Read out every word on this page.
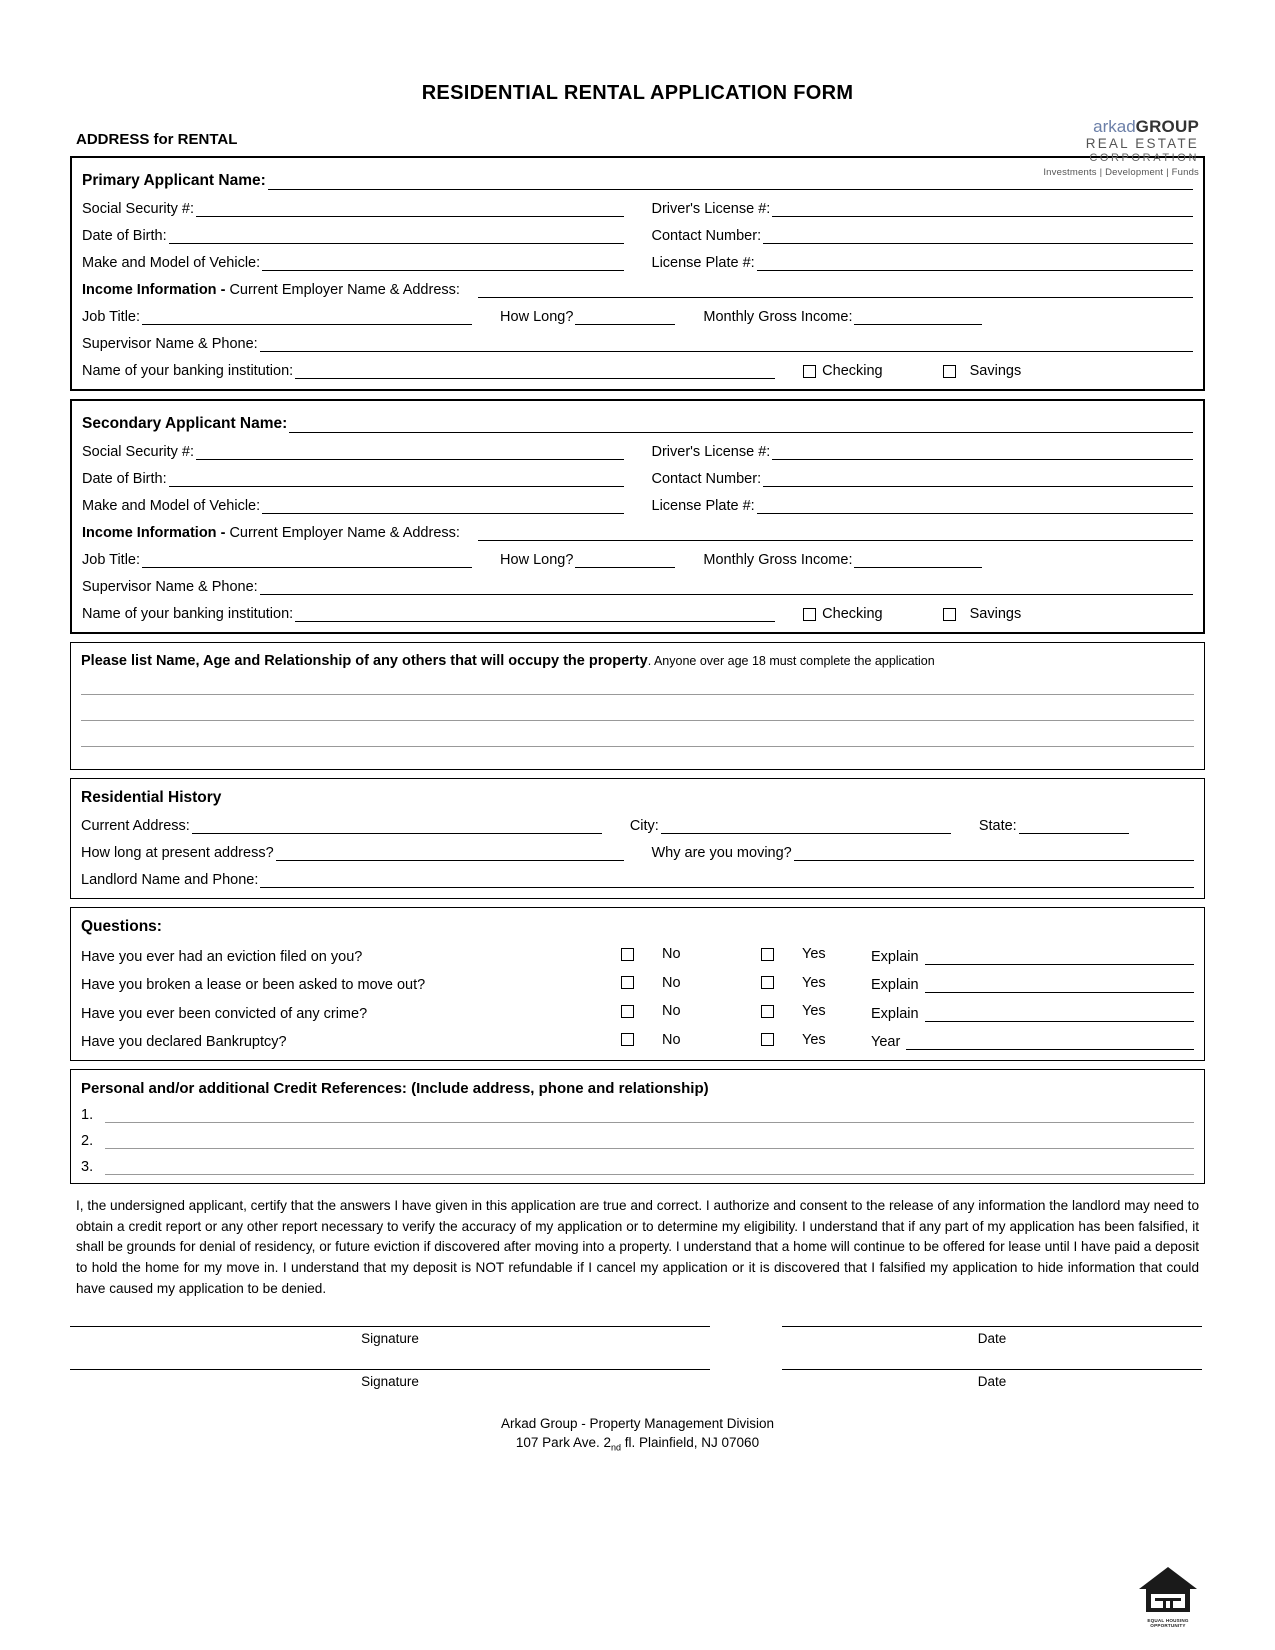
RESIDENTIAL RENTAL APPLICATION FORM
ADDRESS for RENTAL
arkadGROUP
REAL ESTATE
CORPORATION
Investments | Development | Funds
Primary Applicant Name :
Social Security #:	Driver's License #:
Date of Birth:	Contact Number:
Make and Model of Vehicle:	License Plate #:
Income Information -
Current Employer Name & Address:
Job Title:	How Long?	Monthly Gross Income:
Supervisor Name & Phone:
Name of your banking institution:	Checking	Savings
Secondary Applicant Name :
Social Security #:	Driver's License #:
Date of Birth:	Contact Number:
Make and Model of Vehicle:	License Plate #:
Income Information -
Current Employer Name & Address:
Job Title:	How Long?	Monthly Gross Income:
Supervisor Name & Phone:
Name of your banking institution:	Checking	Savings
Please list Name, Age and Relationship of any others that will occupy the property. Anyone over age 18 must complete the application
Residential History
Current Address:	City:	State:
How long at present address?	Why are you moving?
Landlord Name and Phone:
Questions:
Have you ever had an eviction filed on you?	No	Yes	Explain
Have you broken a lease or been asked to move out?	No	Yes	Explain
Have you ever been convicted of any crime?	No	Yes	Explain
Have you declared Bankruptcy?	No	Yes	Year
Personal and/or additional Credit References: (Include address, phone and relationship)
1.
2.
3.
I, the undersigned applicant, certify that the answers I have given in this application are true and correct. I authorize and consent to the release of any information the landlord may need to obtain a credit report or any other report necessary to verify the accuracy of my application or to determine my eligibility. I understand that if any part of my application has been falsified, it shall be grounds for denial of residency, or future eviction if discovered after moving into a property. I understand that a home will continue to be offered for lease until I have paid a deposit to hold the home for my move in. I understand that my deposit is NOT refundable if I cancel my application or it is discovered that I falsified my application to hide information that could have caused my application to be denied.
Signature	Date
Signature	Date
Arkad Group - Property Management Division
107 Park Ave. $2_{nd}$ fl. Plainfield, NJ 07060
EQUAL HOUSING OPPORTUNITY
